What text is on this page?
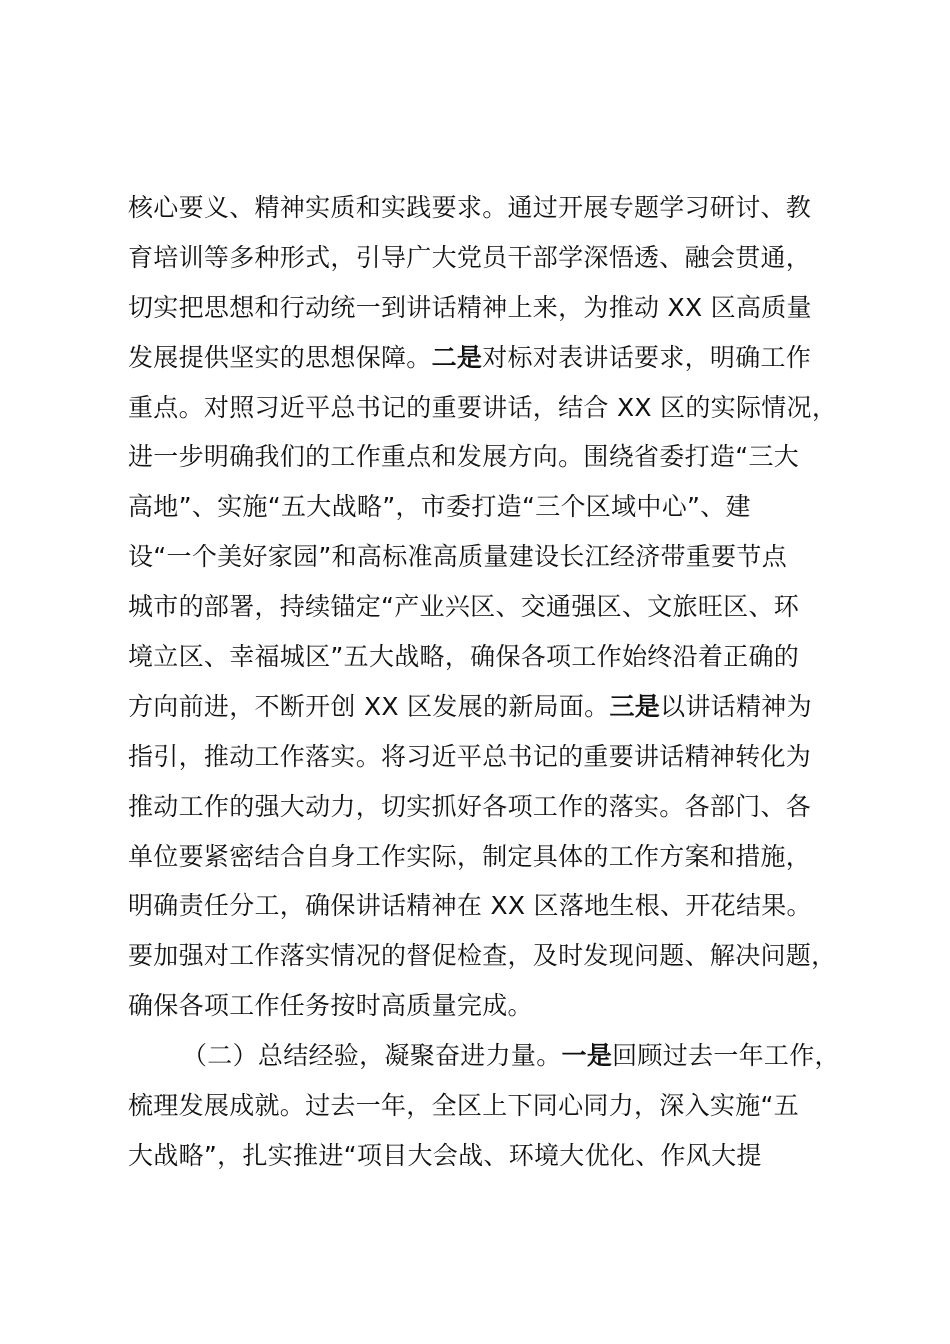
核心要义、精神实质和实践要求。通过开展专题学习研讨、教
育培训等多种形式，引导广大党员干部学深悟透、融会贯通，
切实把思想和行动统一到讲话精神上来，为推动 XX 区高质量
发展提供坚实的思想保障。二是对标对表讲话要求，明确工作
重点。对照习近平总书记的重要讲话，结合 XX 区的实际情况，
进一步明确我们的工作重点和发展方向。围绕省委打造“三大
高地”、实施“五大战略”，市委打造“三个区域中心”、建
设“一个美好家园”和高标准高质量建设长江经济带重要节点
城市的部署，持续锚定“产业兴区、交通强区、文旅旺区、环
境立区、幸福城区”五大战略，确保各项工作始终沿着正确的
方向前进，不断开创 XX 区发展的新局面。三是以讲话精神为
指引，推动工作落实。将习近平总书记的重要讲话精神转化为
推动工作的强大动力，切实抓好各项工作的落实。各部门、各
单位要紧密结合自身工作实际，制定具体的工作方案和措施，
明确责任分工，确保讲话精神在 XX 区落地生根、开花结果。
要加强对工作落实情况的督促检查，及时发现问题、解决问题，
确保各项工作任务按时高质量完成。
（二）总结经验，凝聚奋进力量。一是回顾过去一年工作，
梳理发展成就。过去一年，全区上下同心同力，深入实施“五
大战略”，扎实推进“项目大会战、环境大优化、作风大提
